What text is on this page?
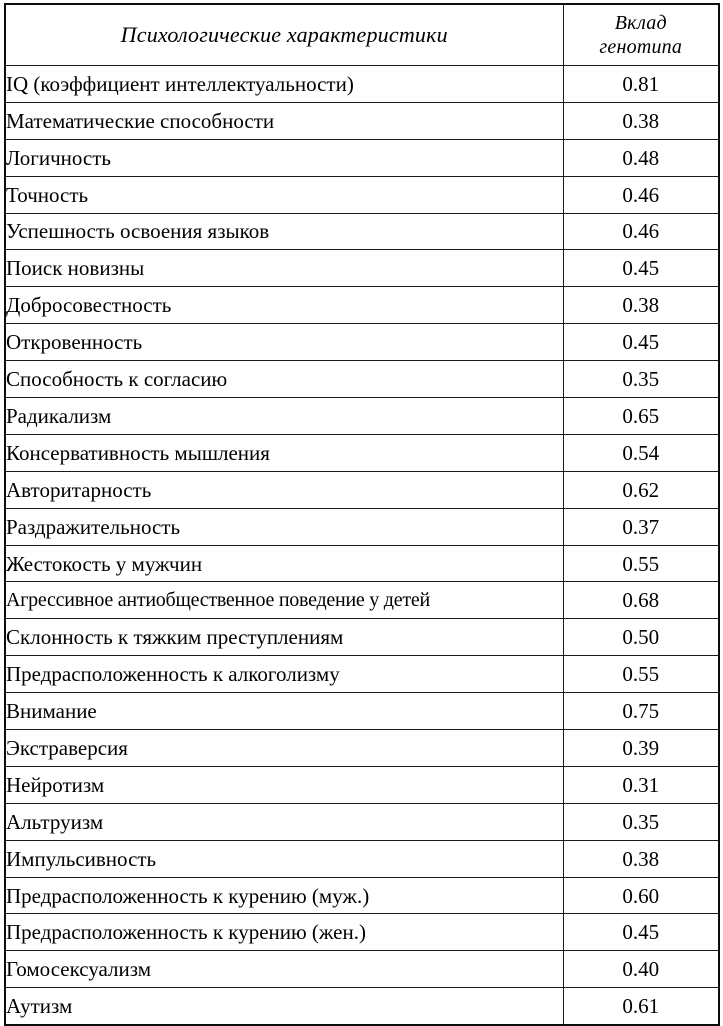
Психологические характеристики	Вклад
генотипа

IQ (коэффициент интеллектуальности)	0.81
Математические способности	0.38
Логичность	0.48
Точность	0.46
Успешность освоения языков	0.46
Поиск новизны	0.45
Добросовестность	0.38
Откровенность	0.45
Способность к согласию	0.35
Радикализм	0.65
Консервативность мышления	0.54
Авторитарность	0.62
Раздражительность	0.37
Жестокость у мужчин	0.55
Агрессивное антиобщественное поведение у детей	0.68
Склонность к тяжким преступлениям	0.50
Предрасположенность к алкоголизму	0.55
Внимание	0.75
Экстраверсия	0.39
Нейротизм	0.31
Альтруизм	0.35
Импульсивность	0.38
Предрасположенность к курению (муж.)	0.60
Предрасположенность к курению (жен.)	0.45
Гомосексуализм	0.40
Аутизм	0.61
